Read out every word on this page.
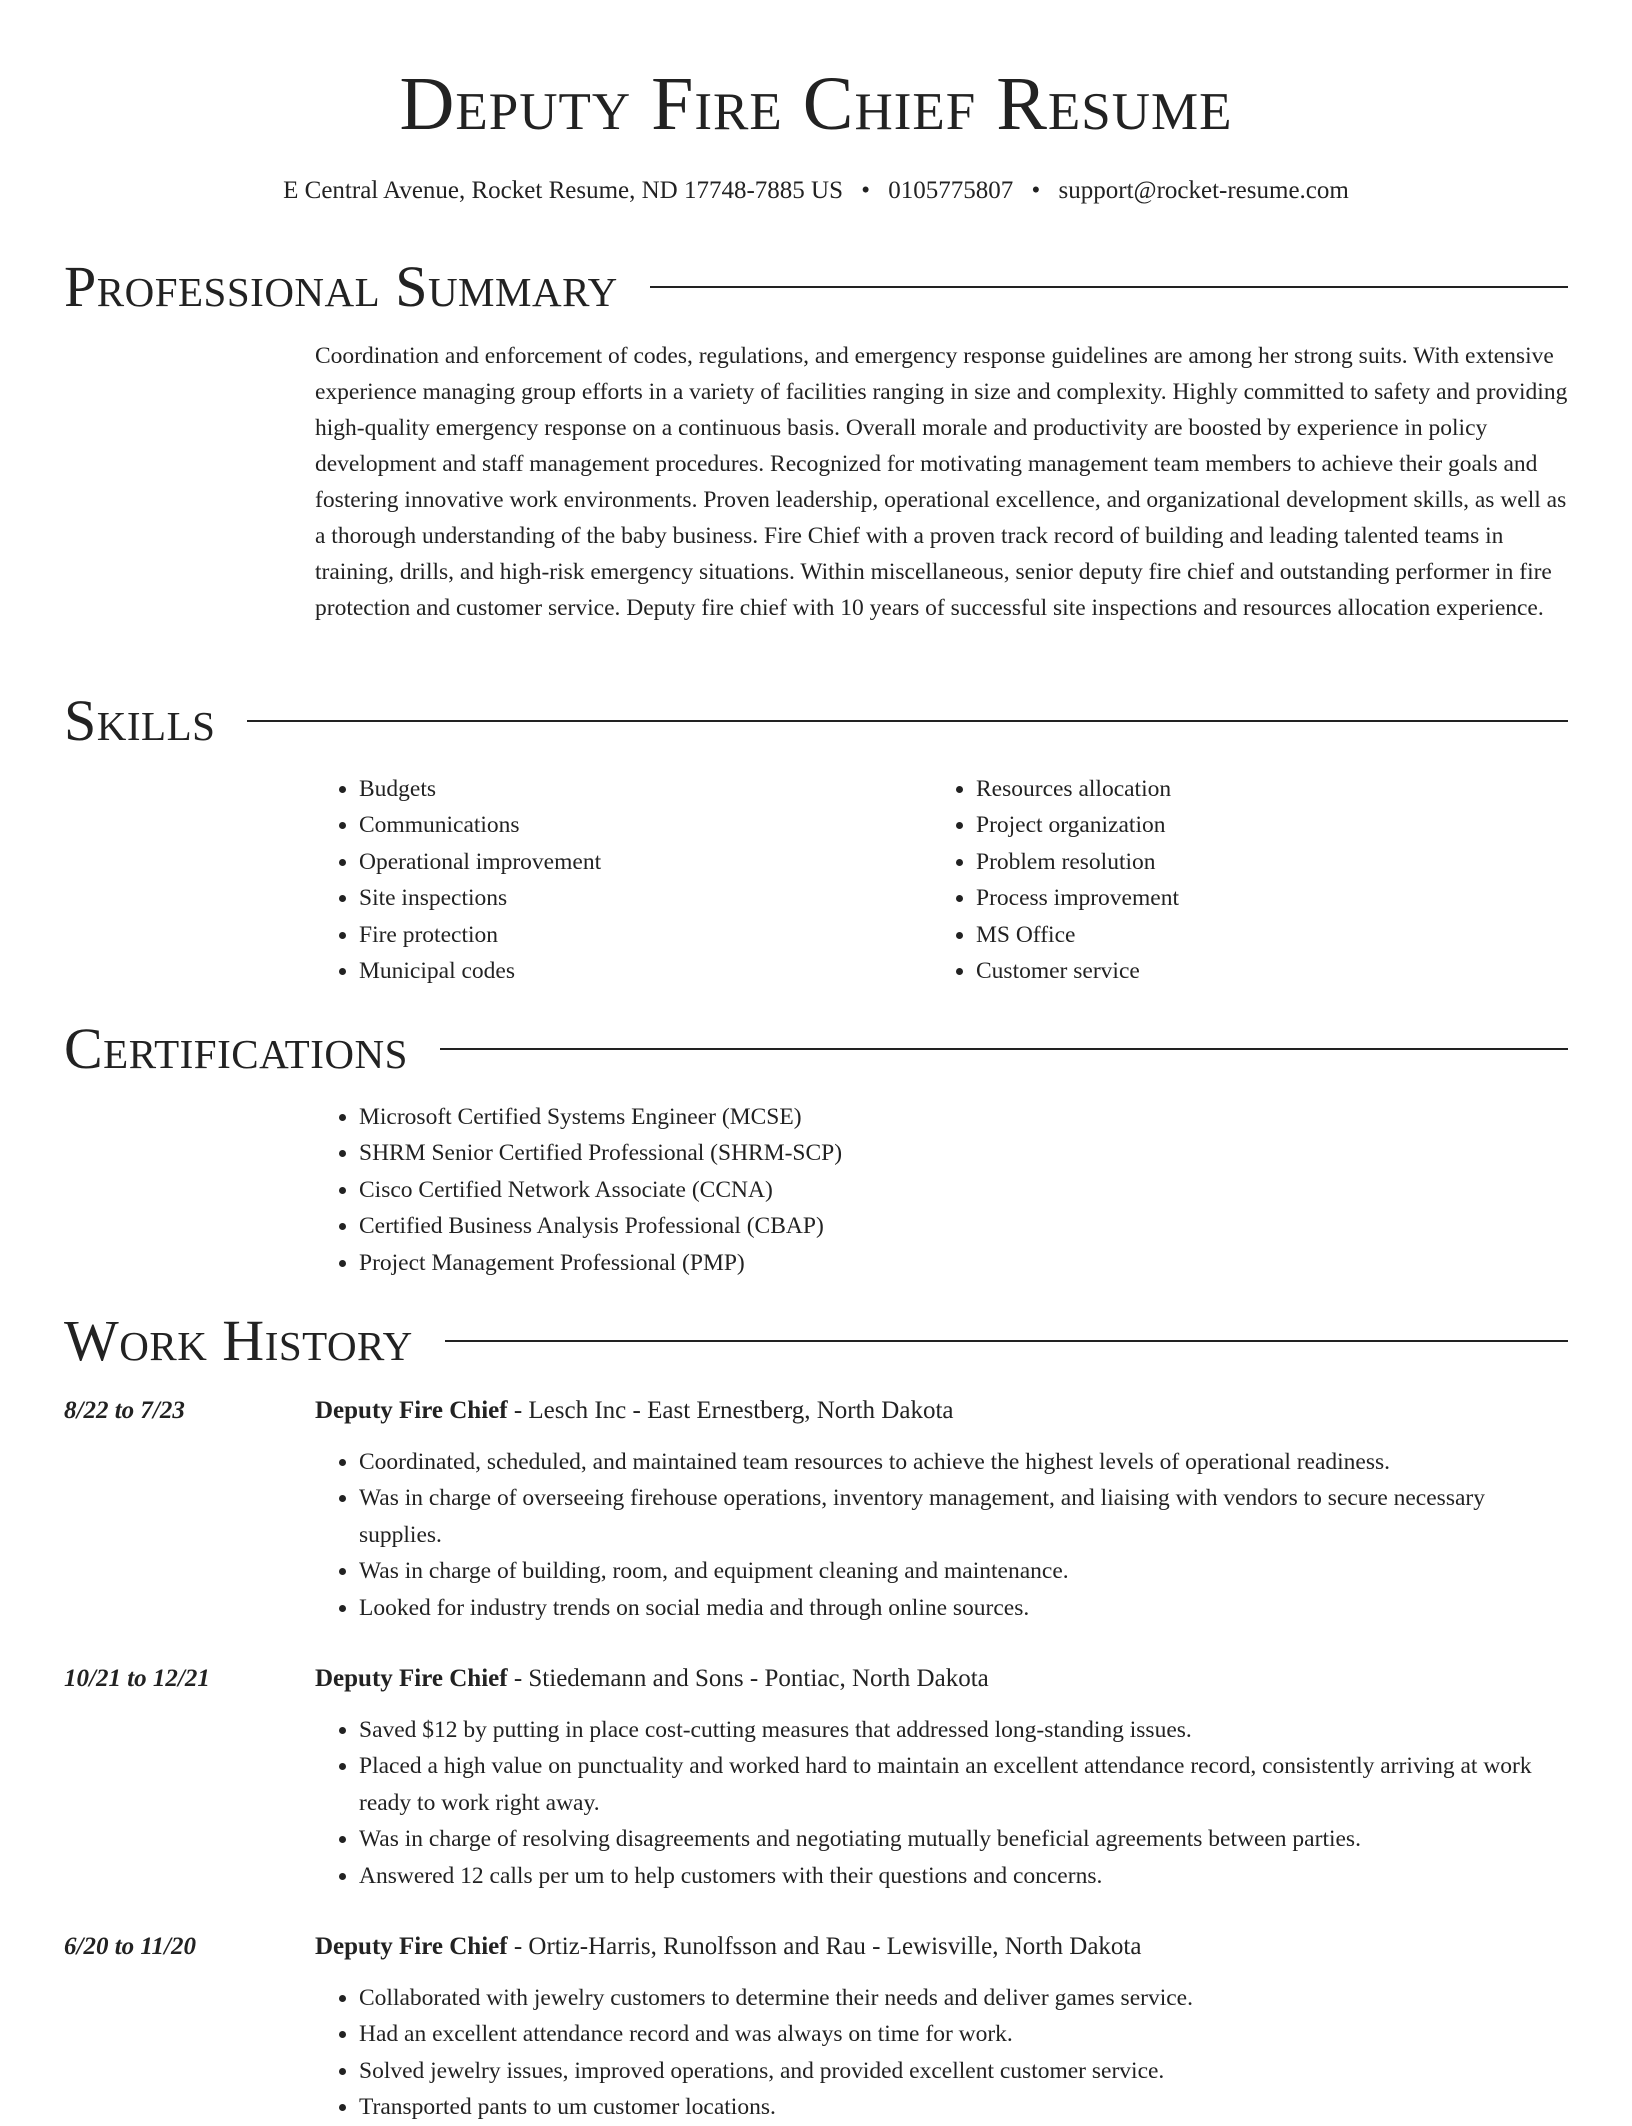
Deputy Fire Chief Resume
E Central Avenue, Rocket Resume, ND 17748-7885 US • 0105775807 • support@rocket-resume.com
Professional Summary

Coordination and enforcement of codes, regulations, and emergency response guidelines are among her strong suits. With extensive experience managing group efforts in a variety of facilities ranging in size and complexity. Highly committed to safety and providing high-quality emergency response on a continuous basis. Overall morale and productivity are boosted by experience in policy development and staff management procedures. Recognized for motivating management team members to achieve their goals and fostering innovative work environments. Proven leadership, operational excellence, and organizational development skills, as well as a thorough understanding of the baby business. Fire Chief with a proven track record of building and leading talented teams in training, drills, and high-risk emergency situations. Within miscellaneous, senior deputy fire chief and outstanding performer in fire protection and customer service. Deputy fire chief with 10 years of successful site inspections and resources allocation experience.

Skills
• Budgets
• Communications
• Operational improvement
• Site inspections
• Fire protection
• Municipal codes
• Resources allocation
• Project organization
• Problem resolution
• Process improvement
• MS Office
• Customer service
Certifications
• Microsoft Certified Systems Engineer (MCSE)
• SHRM Senior Certified Professional (SHRM-SCP)
• Cisco Certified Network Associate (CCNA)
• Certified Business Analysis Professional (CBAP)
• Project Management Professional (PMP)
Work History
8/22 to 7/23	Deputy Fire Chief - Lesch Inc - East Ernestberg, North Dakota
• Coordinated, scheduled, and maintained team resources to achieve the highest levels of operational readiness.
• Was in charge of overseeing firehouse operations, inventory management, and liaising with vendors to secure necessary supplies.
• Was in charge of building, room, and equipment cleaning and maintenance.
• Looked for industry trends on social media and through online sources.
10/21 to 12/21	Deputy Fire Chief - Stiedemann and Sons - Pontiac, North Dakota
• Saved $12 by putting in place cost-cutting measures that addressed long-standing issues.
• Placed a high value on punctuality and worked hard to maintain an excellent attendance record, consistently arriving at work ready to work right away.
• Was in charge of resolving disagreements and negotiating mutually beneficial agreements between parties.
• Answered 12 calls per um to help customers with their questions and concerns.
6/20 to 11/20	Deputy Fire Chief - Ortiz-Harris, Runolfsson and Rau - Lewisville, North Dakota
• Collaborated with jewelry customers to determine their needs and deliver games service.
• Had an excellent attendance record and was always on time for work.
• Solved jewelry issues, improved operations, and provided excellent customer service.
• Transported pants to um customer locations.
